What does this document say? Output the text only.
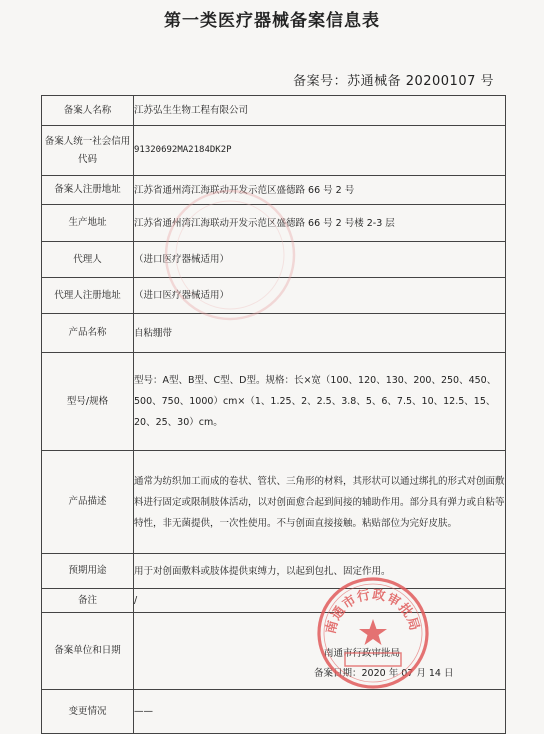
第一类医疗器械备案信息表
备案号：苏通械备 20200107 号
备案人名称	江苏弘生生物工程有限公司
备案人统一社会信用代码	91320692MA2184DK2P
备案人注册地址	江苏省通州湾江海联动开发示范区盛德路 66 号 2 号
生产地址	江苏省通州湾江海联动开发示范区盛德路 66 号 2 号楼 2-3 层
代理人	（进口医疗器械适用）
代理人注册地址	（进口医疗器械适用）
产品名称	自粘绷带
型号/规格	型号：A型、B型、C型、D型。规格：长×宽（100、120、130、200、250、450、500、750、1000）cm×（1、1.25、2、2.5、3.8、5、6、7.5、10、12.5、15、20、25、30）cm。
产品描述	通常为纺织加工而成的卷状、管状、三角形的材料，其形状可以通过绑扎的形式对创面敷料进行固定或限制肢体活动，以对创面愈合起到间接的辅助作用。部分具有弹力或自粘等特性，非无菌提供，一次性使用。不与创面直接接触。粘贴部位为完好皮肤。
预期用途	用于对创面敷料或肢体提供束缚力，以起到包扎、固定作用。
备注	/
备案单位和日期	南通市行政审批局
备案日期：2020 年 07 月 14 日

变更情况	——
南通市行政审批局
